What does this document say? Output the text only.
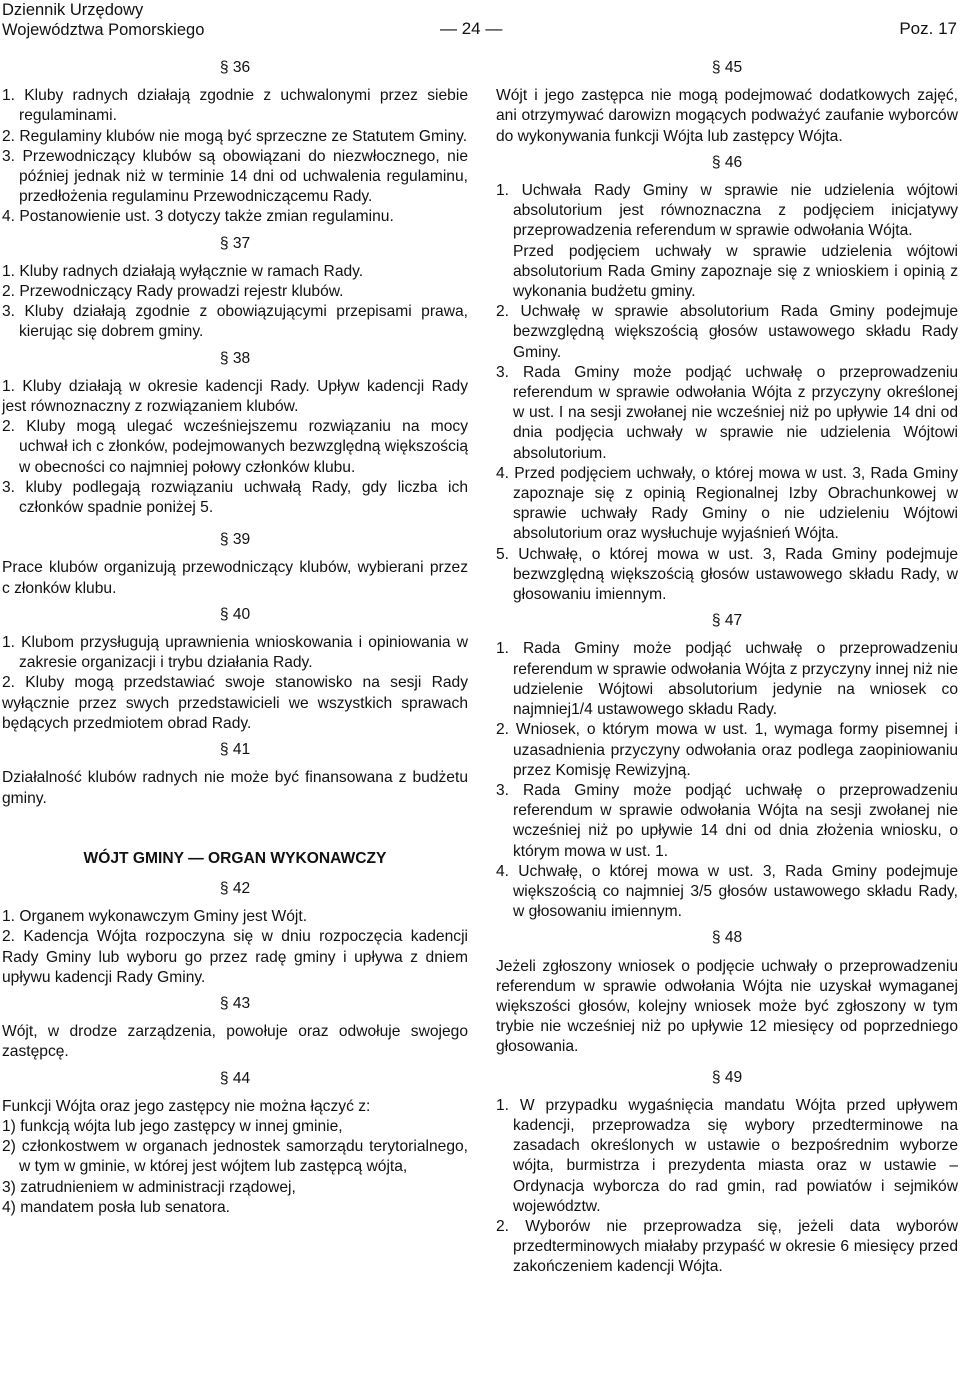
Dziennik Urzędowy
Województwa Pomorskiego	— 24 —	Poz. 17
§ 36

1. Kluby radnych działają zgodnie z uchwalonymi przez siebie regulaminami.

2. Regulaminy klubów nie mogą być sprzeczne ze Statutem Gminy.

3. Przewodniczący klubów są obowiązani do niezwłocznego, nie później jednak niż w terminie 14 dni od uchwalenia regulaminu, przedłożenia regulaminu Przewodniczącemu Rady.

4. Postanowienie ust. 3 dotyczy także zmian regulaminu.

§ 37

1. Kluby radnych działają wyłącznie w ramach Rady.

2. Przewodniczący Rady prowadzi rejestr klubów.

3. Kluby działają zgodnie z obowiązującymi przepisami prawa, kierując się dobrem gminy.

§ 38

1. Kluby działają w okresie kadencji Rady. Upływ kadencji Rady jest równoznaczny z rozwiązaniem klubów.

2. Kluby mogą ulegać wcześniejszemu rozwiązaniu na mocy uchwał ich c złonków, podejmowanych bezwzględną większością w obecności co najmniej połowy członków klubu.

3. kluby podlegają rozwiązaniu uchwałą Rady, gdy liczba ich członków spadnie poniżej 5.

§ 39

Prace klubów organizują przewodniczący klubów, wybierani przez c złonków klubu.

§ 40

1. Klubom przysługują uprawnienia wnioskowania i opiniowania w zakresie organizacji i trybu działania Rady.

2. Kluby mogą przedstawiać swoje stanowisko na sesji Rady wyłącznie przez swych przedstawicieli we wszystkich sprawach będących przedmiotem obrad Rady.

§ 41

Działalność klubów radnych nie może być finansowana z budżetu gminy.

WÓJT GMINY — ORGAN WYKONAWCZY
§ 42

1. Organem wykonawczym Gminy jest Wójt.

2. Kadencja Wójta rozpoczyna się w dniu rozpoczęcia kadencji Rady Gminy lub wyboru go przez radę gminy i upływa z dniem upływu kadencji Rady Gminy.

§ 43

Wójt, w drodze zarządzenia, powołuje oraz odwołuje swojego zastępcę.

§ 44

Funkcji Wójta oraz jego zastępcy nie można łączyć z:

1) funkcją wójta lub jego zastępcy w innej gminie,

2) członkostwem w organach jednostek samorządu terytorialnego, w tym w gminie, w której jest wójtem lub zastępcą wójta,

3) zatrudnieniem w administracji rządowej,

4) mandatem posła lub senatora.

§ 45

Wójt i jego zastępca nie mogą podejmować dodatkowych zajęć, ani otrzymywać darowizn mogących podważyć zaufanie wyborców do wykonywania funkcji Wójta lub zastępcy Wójta.

§ 46

1. Uchwała Rady Gminy w sprawie nie udzielenia wójtowi absolutorium jest równoznaczna z podjęciem inicjatywy przeprowadzenia referendum w sprawie odwołania Wójta.

Przed podjęciem uchwały w sprawie udzielenia wójtowi absolutorium Rada Gminy zapoznaje się z wnioskiem i opinią z wykonania budżetu gminy.

2. Uchwałę w sprawie absolutorium Rada Gminy podejmuje bezwzględną większością głosów ustawowego składu Rady Gminy.

3. Rada Gminy może podjąć uchwałę o przeprowadzeniu referendum w sprawie odwołania Wójta z przyczyny określonej w ust. I na sesji zwołanej nie wcześniej niż po upływie 14 dni od dnia podjęcia uchwały w sprawie nie udzielenia Wójtowi absolutorium.

4. Przed podjęciem uchwały, o której mowa w ust. 3, Rada Gminy zapoznaje się z opinią Regionalnej Izby Obrachunkowej w sprawie uchwały Rady Gminy o nie udzieleniu Wójtowi absolutorium oraz wysłuchuje wyjaśnień Wójta.

5. Uchwałę, o której mowa w ust. 3, Rada Gminy podejmuje bezwzględną większością głosów ustawowego składu Rady, w głosowaniu imiennym.

§ 47

1. Rada Gminy może podjąć uchwałę o przeprowadzeniu referendum w sprawie odwołania Wójta z przyczyny innej niż nie udzielenie Wójtowi absolutorium jedynie na wniosek co najmniej1/4 ustawowego składu Rady.

2. Wniosek, o którym mowa w ust. 1, wymaga formy pisemnej i uzasadnienia przyczyny odwołania oraz podlega zaopiniowaniu przez Komisję Rewizyjną.

3. Rada Gminy może podjąć uchwałę o przeprowadzeniu referendum w sprawie odwołania Wójta na sesji zwołanej nie wcześniej niż po upływie 14 dni od dnia złożenia wniosku, o którym mowa w ust. 1.

4. Uchwałę, o której mowa w ust. 3, Rada Gminy podejmuje większością co najmniej 3/5 głosów ustawowego składu Rady, w głosowaniu imiennym.

§ 48

Jeżeli zgłoszony wniosek o podjęcie uchwały o przeprowadzeniu referendum w sprawie odwołania Wójta nie uzyskał wymaganej większości głosów, kolejny wniosek może być zgłoszony w tym trybie nie wcześniej niż po upływie 12 miesięcy od poprzedniego głosowania.

§ 49

1. W przypadku wygaśnięcia mandatu Wójta przed upływem kadencji, przeprowadza się wybory przedterminowe na zasadach określonych w ustawie o bezpośrednim wyborze wójta, burmistrza i prezydenta miasta oraz w ustawie – Ordynacja wyborcza do rad gmin, rad powiatów i sejmików województw.

2. Wyborów nie przeprowadza się, jeżeli data wyborów przedterminowych miałaby przypaść w okresie 6 miesięcy przed zakończeniem kadencji Wójta.
